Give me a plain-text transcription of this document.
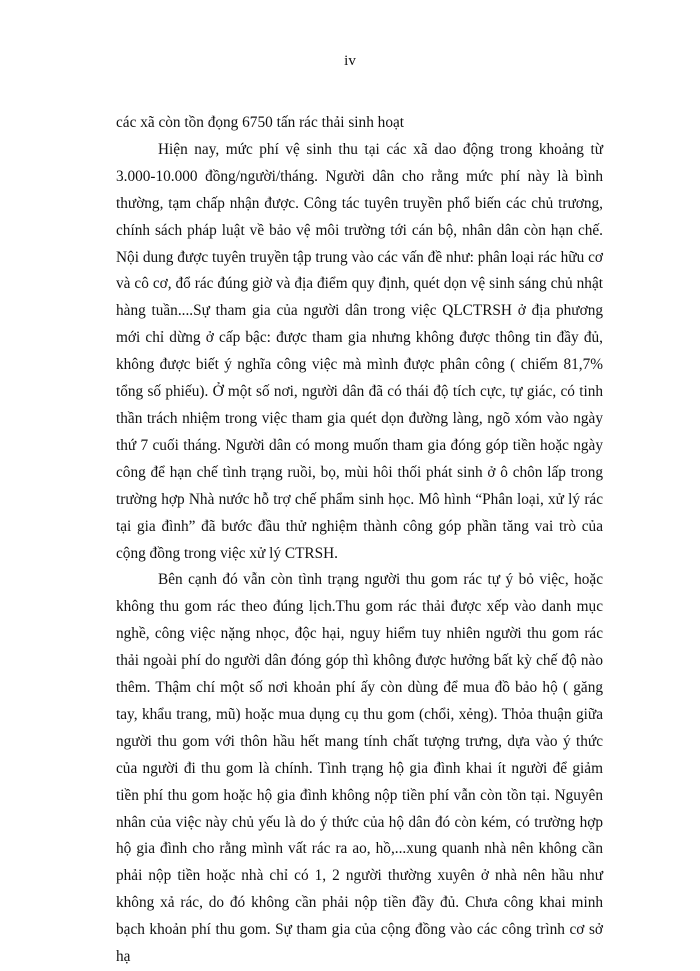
iv

các xã còn tồn đọng 6750 tấn rác thải sinh hoạt

Hiện nay, mức phí vệ sinh thu tại các xã dao động trong khoảng từ 3.000-10.000 đồng/người/tháng. Người dân cho rằng mức phí này là bình thường, tạm chấp nhận được. Công tác tuyên truyền phổ biến các chủ trương, chính sách pháp luật về bảo vệ môi trường tới cán bộ, nhân dân còn hạn chế. Nội dung được tuyên truyền tập trung vào các vấn đề như: phân loại rác hữu cơ và cô cơ, đổ rác đúng giờ và địa điểm quy định, quét dọn vệ sinh sáng chủ nhật hàng tuần....Sự tham gia của người dân trong việc QLCTRSH ở địa phương mới chỉ dừng ở cấp bậc: được tham gia nhưng không được thông tin đầy đủ, không được biết ý nghĩa công việc mà mình được phân công ( chiếm 81,7% tổng số phiếu). Ở một số nơi, người dân đã có thái độ tích cực, tự giác, có tinh thần trách nhiệm trong việc tham gia quét dọn đường làng, ngõ xóm vào ngày thứ 7 cuối tháng. Người dân có mong muốn tham gia đóng góp tiền hoặc ngày công để hạn chế tình trạng ruồi, bọ, mùi hôi thối phát sinh ở ô chôn lấp trong trường hợp Nhà nước hỗ trợ chế phẩm sinh học. Mô hình “Phân loại, xử lý rác tại gia đình” đã bước đầu thử nghiệm thành công góp phần tăng vai trò của cộng đồng trong việc xử lý CTRSH.

Bên cạnh đó vẫn còn tình trạng người thu gom rác tự ý bỏ việc, hoặc không thu gom rác theo đúng lịch.Thu gom rác thải được xếp vào danh mục nghề, công việc nặng nhọc, độc hại, nguy hiểm tuy nhiên người thu gom rác thải ngoài phí do người dân đóng góp thì không được hưởng bất kỳ chế độ nào thêm. Thậm chí một số nơi khoản phí ấy còn dùng để mua đồ bảo hộ ( găng tay, khẩu trang, mũ) hoặc mua dụng cụ thu gom (chổi, xẻng). Thỏa thuận giữa người thu gom với thôn hầu hết mang tính chất tượng trưng, dựa vào ý thức của người đi thu gom là chính. Tình trạng hộ gia đình khai ít người để giảm tiền phí thu gom hoặc hộ gia đình không nộp tiền phí vẫn còn tồn tại. Nguyên nhân của việc này chủ yếu là do ý thức của hộ dân đó còn kém, có trường hợp hộ gia đình cho rằng mình vất rác ra ao, hồ,...xung quanh nhà nên không cần phải nộp tiền hoặc nhà chỉ có 1, 2 người thường xuyên ở nhà nên hầu như không xả rác, do đó không cần phải nộp tiền đầy đủ. Chưa công khai minh bạch khoản phí thu gom. Sự tham gia của cộng đồng vào các công trình cơ sở hạ
